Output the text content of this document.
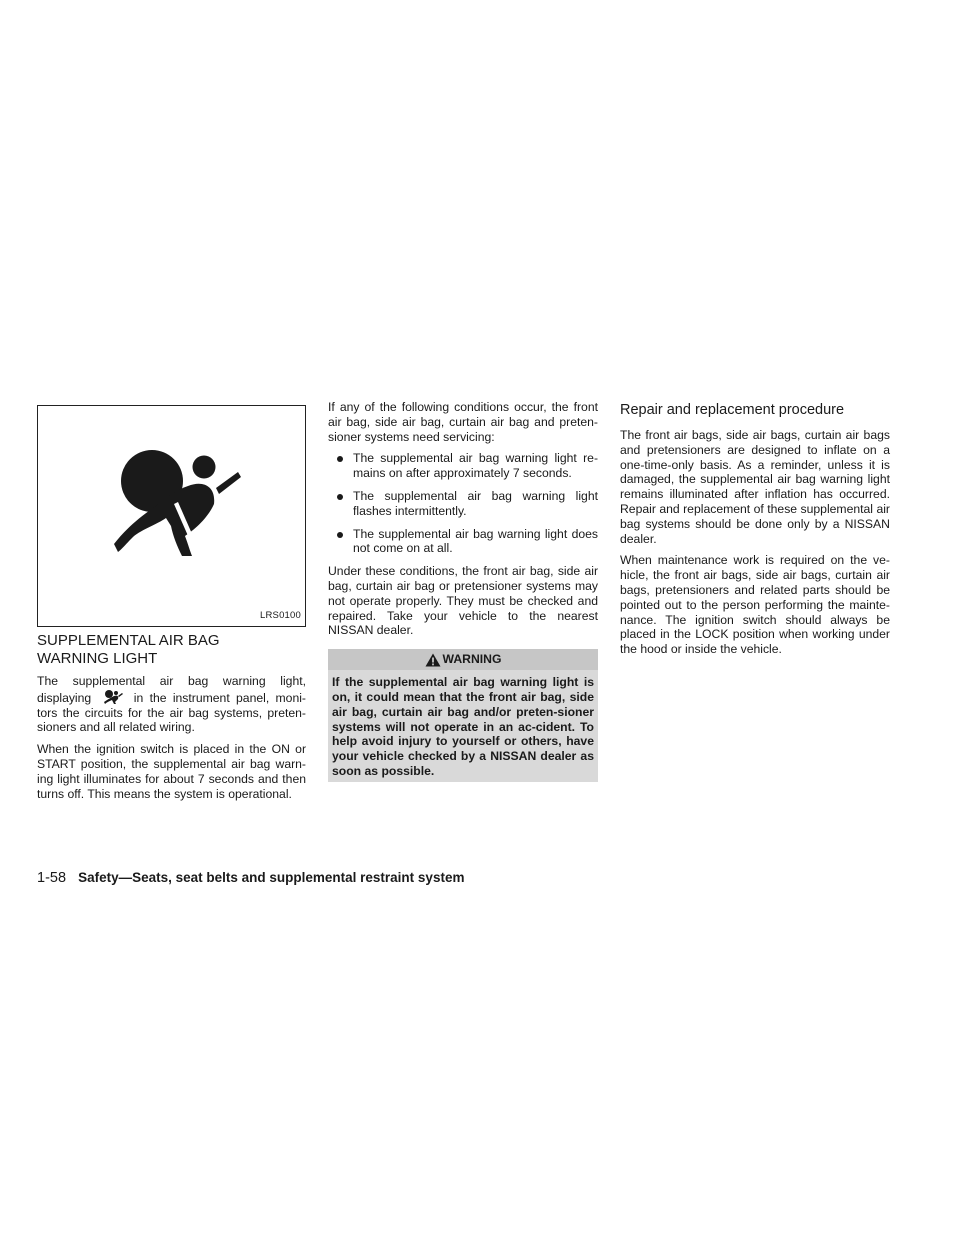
LRS0100
SUPPLEMENTAL AIR BAG
WARNING LIGHT

The supplemental air bag warning light, displaying	in the instrument panel, moni-tors the circuits for the air bag systems, preten-sioners and all related wiring.

When the ignition switch is placed in the ON or START position, the supplemental air bag warn-ing light illuminates for about 7 seconds and then turns off. This means the system is operational.

If any of the following conditions occur, the front air bag, side air bag, curtain air bag and preten-sioner systems need servicing:

The supplemental air bag warning light re-mains on after approximately 7 seconds.
The supplemental air bag warning light flashes intermittently.
The supplemental air bag warning light does not come on at all.

Under these conditions, the front air bag, side air bag, curtain air bag or pretensioner systems may not operate properly. They must be checked and repaired. Take your vehicle to the nearest NISSAN dealer.

WARNING
If the supplemental air bag warning light is on, it could mean that the front air bag, side air bag, curtain air bag and/or preten-sioner systems will not operate in an ac-cident. To help avoid injury to yourself or others, have your vehicle checked by a NISSAN dealer as soon as possible.
Repair and replacement procedure

The front air bags, side air bags, curtain air bags and pretensioners are designed to inflate on a one-time-only basis. As a reminder, unless it is damaged, the supplemental air bag warning light remains illuminated after inflation has occurred. Repair and replacement of these supplemental air bag systems should be done only by a NISSAN dealer.

When maintenance work is required on the ve-hicle, the front air bags, side air bags, curtain air bags, pretensioners and related parts should be pointed out to the person performing the mainte-nance. The ignition switch should always be placed in the LOCK position when working under the hood or inside the vehicle.

1-58 Safety—Seats, seat belts and supplemental restraint system
